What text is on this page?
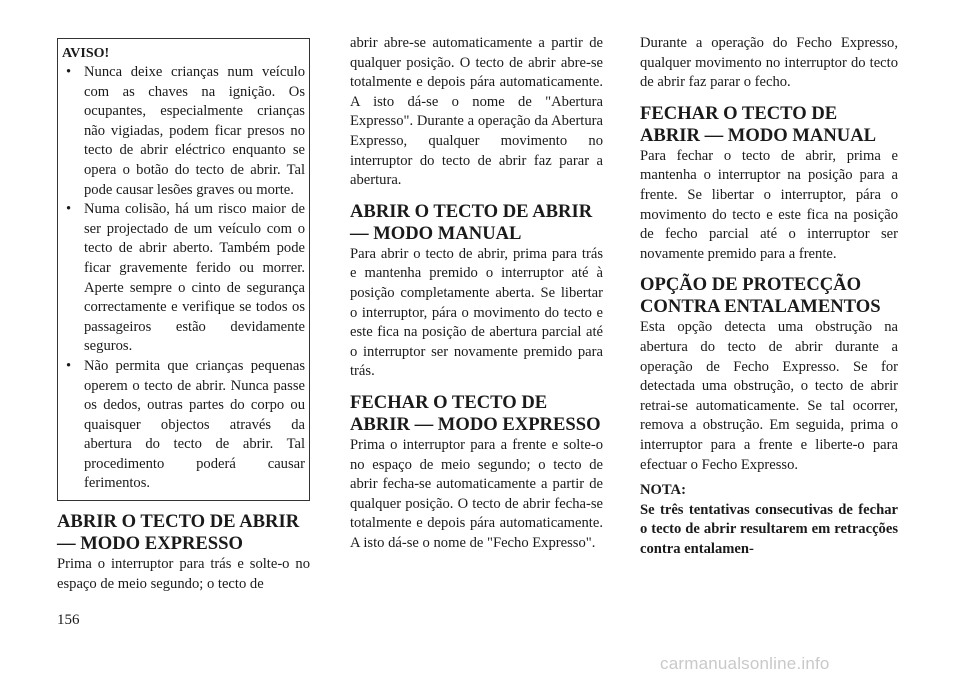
AVISO!
• Nunca deixe crianças num veículo com as chaves na ignição. Os ocupantes, especialmente crianças não vigiadas, podem ficar presos no tecto de abrir eléctrico enquanto se opera o botão do tecto de abrir. Tal pode causar lesões graves ou morte.
• Numa colisão, há um risco maior de ser projectado de um veículo com o tecto de abrir aberto. Também pode ficar gravemente ferido ou morrer. Aperte sempre o cinto de segurança correctamente e verifique se todos os passageiros estão devidamente seguros.
• Não permita que crianças pequenas operem o tecto de abrir. Nunca passe os dedos, outras partes do corpo ou quaisquer objectos através da abertura do tecto de abrir. Tal procedimento poderá causar ferimentos.
ABRIR O TECTO DE ABRIR — MODO EXPRESSO

Prima o interruptor para trás e solte-o no espaço de meio segundo; o tecto de

abrir abre-se automaticamente a partir de qualquer posição. O tecto de abrir abre-se totalmente e depois pára automaticamente. A isto dá-se o nome de "Abertura Expresso". Durante a operação da Abertura Expresso, qualquer movimento no interruptor do tecto de abrir faz parar a abertura.

ABRIR O TECTO DE ABRIR — MODO MANUAL

Para abrir o tecto de abrir, prima para trás e mantenha premido o interruptor até à posição completamente aberta. Se libertar o interruptor, pára o movimento do tecto e este fica na posição de abertura parcial até o interruptor ser novamente premido para trás.

FECHAR O TECTO DE ABRIR — MODO EXPRESSO

Prima o interruptor para a frente e solte-o no espaço de meio segundo; o tecto de abrir fecha-se automaticamente a partir de qualquer posição. O tecto de abrir fecha-se totalmente e depois pára automaticamente. A isto dá-se o nome de "Fecho Expresso".

Durante a operação do Fecho Expresso, qualquer movimento no interruptor do tecto de abrir faz parar o fecho.

FECHAR O TECTO DE ABRIR — MODO MANUAL

Para fechar o tecto de abrir, prima e mantenha o interruptor na posição para a frente. Se libertar o interruptor, pára o movimento do tecto e este fica na posição de fecho parcial até o interruptor ser novamente premido para a frente.

OPÇÃO DE PROTECÇÃO CONTRA ENTALAMENTOS

Esta opção detecta uma obstrução na abertura do tecto de abrir durante a operação de Fecho Expresso. Se for detectada uma obstrução, o tecto de abrir retrai-se automaticamente. Se tal ocorrer, remova a obstrução. Em seguida, prima o interruptor para a frente e liberte-o para efectuar o Fecho Expresso.

NOTA:

Se três tentativas consecutivas de fechar o tecto de abrir resultarem em retracções contra entalamen-

156
carmanualsonline.info
